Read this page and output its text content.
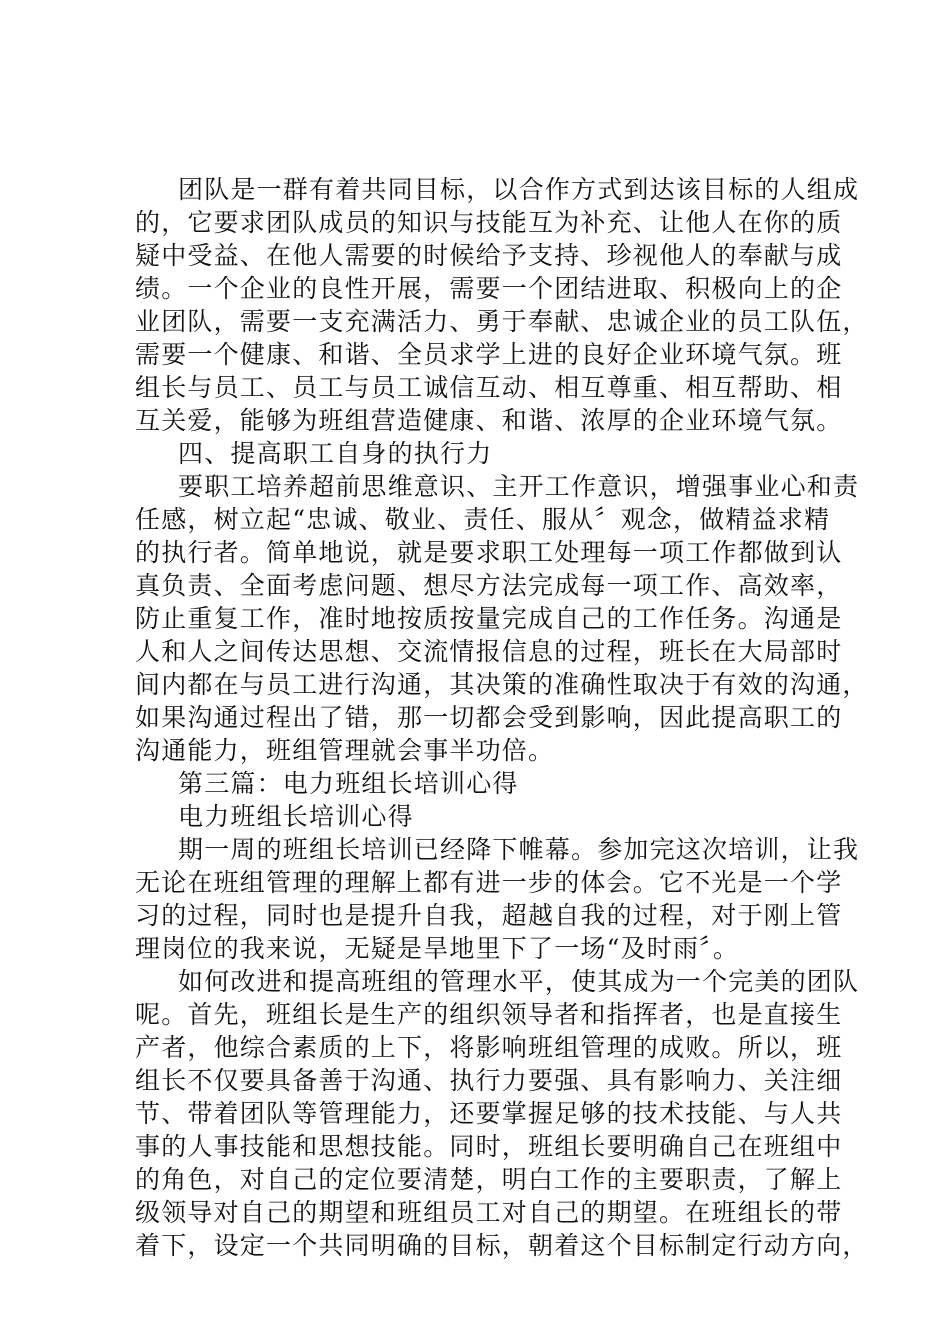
团队是一群有着共同目标，以合作方式到达该目标的人组成
的，它要求团队成员的知识与技能互为补充、让他人在你的质
疑中受益、在他人需要的时候给予支持、珍视他人的奉献与成
绩。一个企业的良性开展，需要一个团结进取、积极向上的企
业团队，需要一支充满活力、勇于奉献、忠诚企业的员工队伍，
需要一个健康、和谐、全员求学上进的良好企业环境气氛。班
组长与员工、员工与员工诚信互动、相互尊重、相互帮助、相
互关爱，能够为班组营造健康、和谐、浓厚的企业环境气氛。
四、提高职工自身的执行力
要职工培养超前思维意识、主开工作意识，增强事业心和责
任感，树立起“忠诚、敬业、责任、服从〞观念，做精益求精
的执行者。简单地说，就是要求职工处理每一项工作都做到认
真负责、全面考虑问题、想尽方法完成每一项工作、高效率，
防止重复工作，准时地按质按量完成自己的工作任务。沟通是
人和人之间传达思想、交流情报信息的过程，班长在大局部时
间内都在与员工进行沟通，其决策的准确性取决于有效的沟通，
如果沟通过程出了错，那一切都会受到影响，因此提高职工的
沟通能力，班组管理就会事半功倍。
第三篇：电力班组长培训心得
电力班组长培训心得
期一周的班组长培训已经降下帷幕。参加完这次培训，让我
无论在班组管理的理解上都有进一步的体会。它不光是一个学
习的过程，同时也是提升自我，超越自我的过程，对于刚上管
理岗位的我来说，无疑是旱地里下了一场“及时雨〞。
如何改进和提高班组的管理水平，使其成为一个完美的团队
呢。首先，班组长是生产的组织领导者和指挥者，也是直接生
产者，他综合素质的上下，将影响班组管理的成败。所以，班
组长不仅要具备善于沟通、执行力要强、具有影响力、关注细
节、带着团队等管理能力，还要掌握足够的技术技能、与人共
事的人事技能和思想技能。同时，班组长要明确自己在班组中
的角色，对自己的定位要清楚，明白工作的主要职责，了解上
级领导对自己的期望和班组员工对自己的期望。在班组长的带
着下，设定一个共同明确的目标，朝着这个目标制定行动方向，
